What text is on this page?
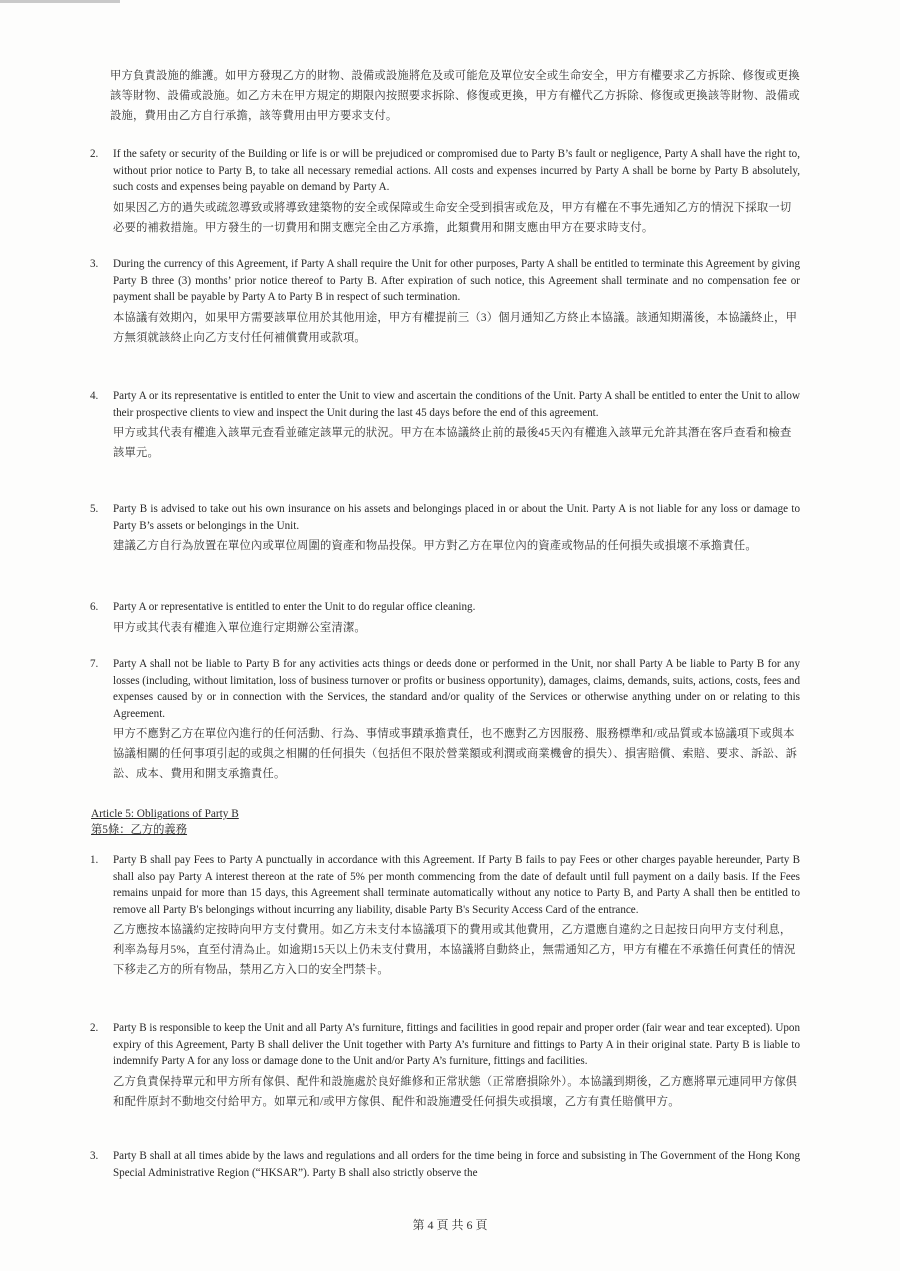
甲方負責設施的維護。如甲方發現乙方的財物、設備或設施將危及或可能危及單位安全或生命安全，甲方有權要求乙方拆除、修復或更換該等財物、設備或設施。如乙方未在甲方規定的期限內按照要求拆除、修復或更換，甲方有權代乙方拆除、修復或更換該等財物、設備或設施，費用由乙方自行承擔，該等費用由甲方要求支付。
2.	If the safety or security of the Building or life is or will be prejudiced or compromised due to Party B’s fault or negligence, Party A shall have the right to, without prior notice to Party B, to take all necessary remedial actions. All costs and expenses incurred by Party A shall be borne by Party B absolutely, such costs and expenses being payable on demand by Party A.
如果因乙方的過失或疏忽導致或將導致建築物的安全或保障或生命安全受到損害或危及，甲方有權在不事先通知乙方的情況下採取一切必要的補救措施。甲方發生的一切費用和開支應完全由乙方承擔，此類費用和開支應由甲方在要求時支付。
3.	During the currency of this Agreement, if Party A shall require the Unit for other purposes, Party A shall be entitled to terminate this Agreement by giving Party B three (3) months’ prior notice thereof to Party B. After expiration of such notice, this Agreement shall terminate and no compensation fee or payment shall be payable by Party A to Party B in respect of such termination.
本協議有效期內，如果甲方需要該單位用於其他用途，甲方有權提前三（3）個月通知乙方終止本協議。該通知期滿後，本協議終止，甲方無須就該終止向乙方支付任何補償費用或款項。
4.	Party A or its representative is entitled to enter the Unit to view and ascertain the conditions of the Unit. Party A shall be entitled to enter the Unit to allow their prospective clients to view and inspect the Unit during the last 45 days before the end of this agreement.
甲方或其代表有權進入該單元查看並確定該單元的狀況。甲方在本協議終止前的最後45天內有權進入該單元允許其潛在客戶查看和檢查該單元。
5.	Party B is advised to take out his own insurance on his assets and belongings placed in or about the Unit. Party A is not liable for any loss or damage to Party B’s assets or belongings in the Unit.
建議乙方自行為放置在單位內或單位周圍的資產和物品投保。甲方對乙方在單位內的資產或物品的任何損失或損壞不承擔責任。
6.	Party A or representative is entitled to enter the Unit to do regular office cleaning.
甲方或其代表有權進入單位進行定期辦公室清潔。
7.	Party A shall not be liable to Party B for any activities acts things or deeds done or performed in the Unit, nor shall Party A be liable to Party B for any losses (including, without limitation, loss of business turnover or profits or business opportunity), damages, claims, demands, suits, actions, costs, fees and expenses caused by or in connection with the Services, the standard and/or quality of the Services or otherwise anything under on or relating to this Agreement.
甲方不應對乙方在單位內進行的任何活動、行為、事情或事蹟承擔責任，也不應對乙方因服務、服務標準和/或品質或本協議項下或與本協議相關的任何事項引起的或與之相關的任何損失（包括但不限於營業額或利潤或商業機會的損失）、損害賠償、索賠、要求、訴訟、訴訟、成本、費用和開支承擔責任。
Article 5: Obligations of Party B
第5條：乙方的義務
1.	Party B shall pay Fees to Party A punctually in accordance with this Agreement. If Party B fails to pay Fees or other charges payable hereunder, Party B shall also pay Party A interest thereon at the rate of 5% per month commencing from the date of default until full payment on a daily basis. If the Fees remains unpaid for more than 15 days, this Agreement shall terminate automatically without any notice to Party B, and Party A shall then be entitled to remove all Party B's belongings without incurring any liability, disable Party B's Security Access Card of the entrance.
乙方應按本協議約定按時向甲方支付費用。如乙方未支付本協議項下的費用或其他費用，乙方還應自違約之日起按日向甲方支付利息，利率為每月5%，直至付清為止。如逾期15天以上仍未支付費用，本協議將自動終止，無需通知乙方，甲方有權在不承擔任何責任的情況下移走乙方的所有物品，禁用乙方入口的安全門禁卡。
2.	Party B is responsible to keep the Unit and all Party A’s furniture, fittings and facilities in good repair and proper order (fair wear and tear excepted). Upon expiry of this Agreement, Party B shall deliver the Unit together with Party A’s furniture and fittings to Party A in their original state. Party B is liable to indemnify Party A for any loss or damage done to the Unit and/or Party A’s furniture, fittings and facilities.
乙方負責保持單元和甲方所有傢俱、配件和設施處於良好維修和正常狀態（正常磨損除外）。本協議到期後，乙方應將單元連同甲方傢俱和配件原封不動地交付給甲方。如單元和/或甲方傢俱、配件和設施遭受任何損失或損壞，乙方有責任賠償甲方。
3.	Party B shall at all times abide by the laws and regulations and all orders for the time being in force and subsisting in The Government of the Hong Kong Special Administrative Region (“HKSAR”). Party B shall also strictly observe the
第 4 頁 共 6 頁
